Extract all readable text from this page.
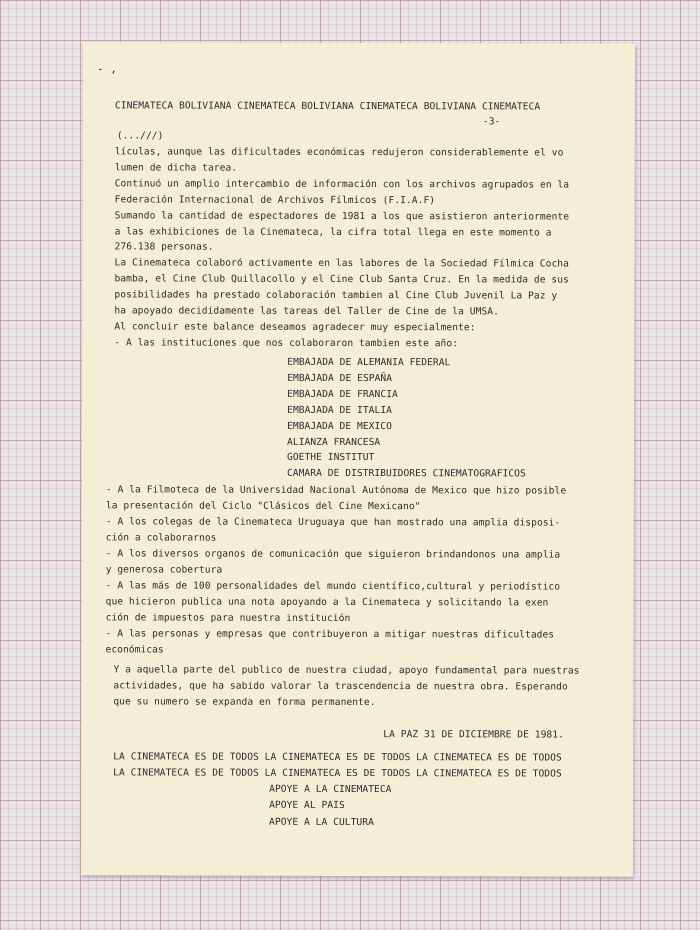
- ,
CINEMATECA BOLIVIANA CINEMATECA BOLIVIANA CINEMATECA BOLIVIANA CINEMATECA
-3-
(...///)
lículas, aunque las dificultades económicas redujeron considerablemente el vo
lumen de dicha tarea.
Continuó un amplio intercambio de información con los archivos agrupados en la
Federación Internacional de Archivos Fílmicos (F.I.A.F)
Sumando la cantidad de espectadores de 1981 a los que asistieron anteriormente
a las exhibiciones de la Cinemateca, la cifra total llega en este momento a
276.138 personas.
La Cinemateca colaboró activamente en las labores de la Sociedad Fílmica Cocha
bamba, el Cine Club Quillacollo y el Cine Club Santa Cruz. En la medida de sus
posibilidades ha prestado colaboración tambien al Cine Club Juvenil La Paz y
ha apoyado decididamente las tareas del Taller de Cine de la UMSA.
Al concluir este balance deseamos agradecer muy especialmente:
- A las instituciones que nos colaboraron tambien este año:
EMBAJADA DE ALEMANIA FEDERAL
EMBAJADA DE ESPAÑA
EMBAJADA DE FRANCIA
EMBAJADA DE ITALIA
EMBAJADA DE MEXICO
ALIANZA FRANCESA
GOETHE INSTITUT
CAMARA DE DISTRIBUIDORES CINEMATOGRAFICOS
- A la Filmoteca de la Universidad Nacional Autónoma de Mexico que hizo posible
la presentación del Ciclo "Clásicos del Cine Mexicano"
- A los colegas de la Cinemateca Uruguaya que han mostrado una amplia disposi-
ción a colaborarnos
- A los diversos organos de comunicación que siguieron brindandonos una amplia
y generosa cobertura
- A las más de 100 personalidades del mundo científico,cultural y periodístico
que hicieron publica una nota apoyando a la Cinemateca y solicitando la exen
ción de impuestos para nuestra institución
- A las personas y empresas que contribuyeron a mitigar nuestras dificultades
económicas
Y a aquella parte del publico de nuestra ciudad, apoyo fundamental para nuestras
actividades, que ha sabido valorar la trascendencia de nuestra obra. Esperando
que su numero se expanda en forma permanente.
LA PAZ 31 DE DICIEMBRE DE 1981.
LA CINEMATECA ES DE TODOS LA CINEMATECA ES DE TODOS LA CINEMATECA ES DE TODOS
LA CINEMATECA ES DE TODOS LA CINEMATECA ES DE TODOS LA CINEMATECA ES DE TODOS
APOYE A LA CINEMATECA
APOYE AL PAIS
APOYE A LA CULTURA
